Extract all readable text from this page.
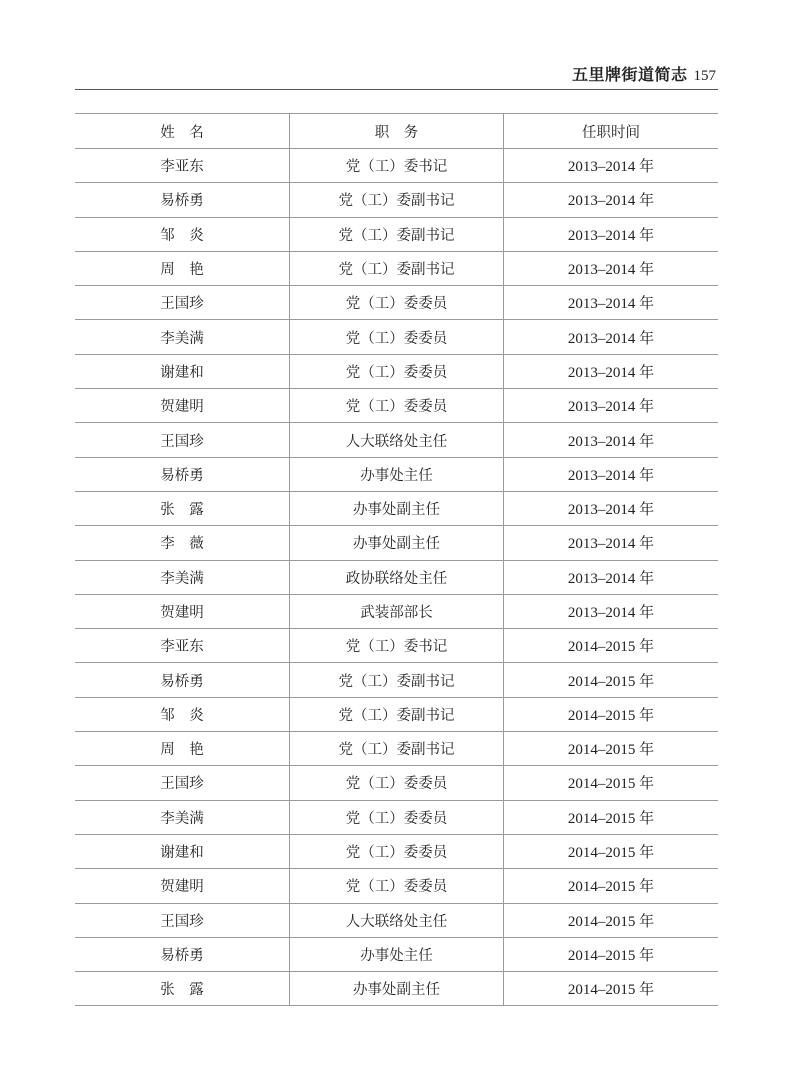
五里牌街道简志 157
姓　名	职　务	任职时间
李亚东	党（工）委书记	2013–2014 年
易桥勇	党（工）委副书记	2013–2014 年
邹　炎	党（工）委副书记	2013–2014 年
周　艳	党（工）委副书记	2013–2014 年
王国珍	党（工）委委员	2013–2014 年
李美满	党（工）委委员	2013–2014 年
谢建和	党（工）委委员	2013–2014 年
贺建明	党（工）委委员	2013–2014 年
王国珍	人大联络处主任	2013–2014 年
易桥勇	办事处主任	2013–2014 年
张　露	办事处副主任	2013–2014 年
李　薇	办事处副主任	2013–2014 年
李美满	政协联络处主任	2013–2014 年
贺建明	武装部部长	2013–2014 年
李亚东	党（工）委书记	2014–2015 年
易桥勇	党（工）委副书记	2014–2015 年
邹　炎	党（工）委副书记	2014–2015 年
周　艳	党（工）委副书记	2014–2015 年
王国珍	党（工）委委员	2014–2015 年
李美满	党（工）委委员	2014–2015 年
谢建和	党（工）委委员	2014–2015 年
贺建明	党（工）委委员	2014–2015 年
王国珍	人大联络处主任	2014–2015 年
易桥勇	办事处主任	2014–2015 年
张　露	办事处副主任	2014–2015 年
